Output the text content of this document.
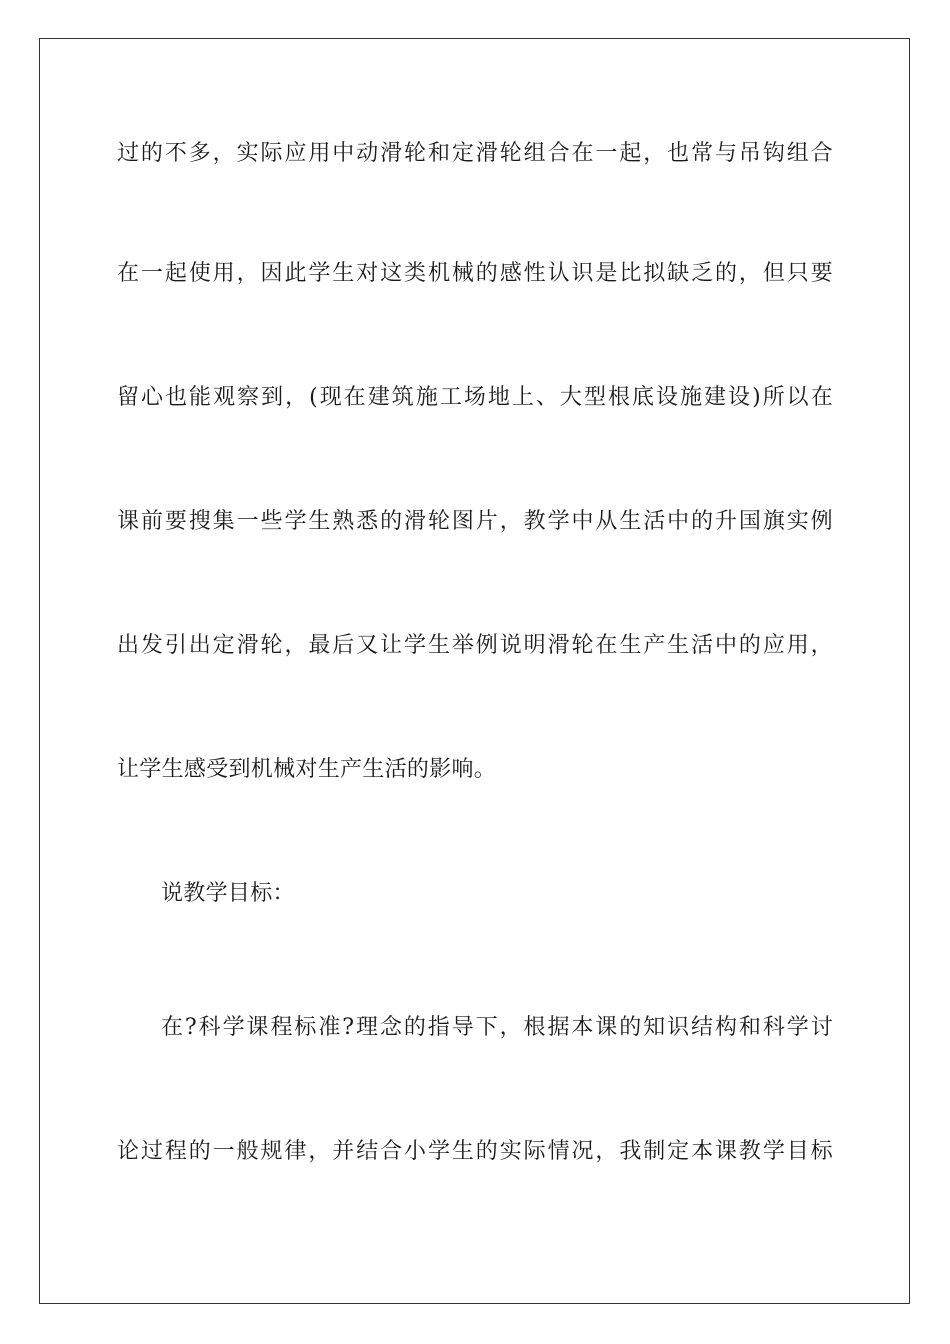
过的不多，实际应用中动滑轮和定滑轮组合在一起，也常与吊钩组合
在一起使用，因此学生对这类机械的感性认识是比拟缺乏的，但只要
留心也能观察到，(现在建筑施工场地上、大型根底设施建设)所以在
课前要搜集一些学生熟悉的滑轮图片，教学中从生活中的升国旗实例
出发引出定滑轮，最后又让学生举例说明滑轮在生产生活中的应用，
让学生感受到机械对生产生活的影响。
说教学目标：
在?科学课程标准?理念的指导下，根据本课的知识结构和科学讨
论过程的一般规律，并结合小学生的实际情况，我制定本课教学目标
